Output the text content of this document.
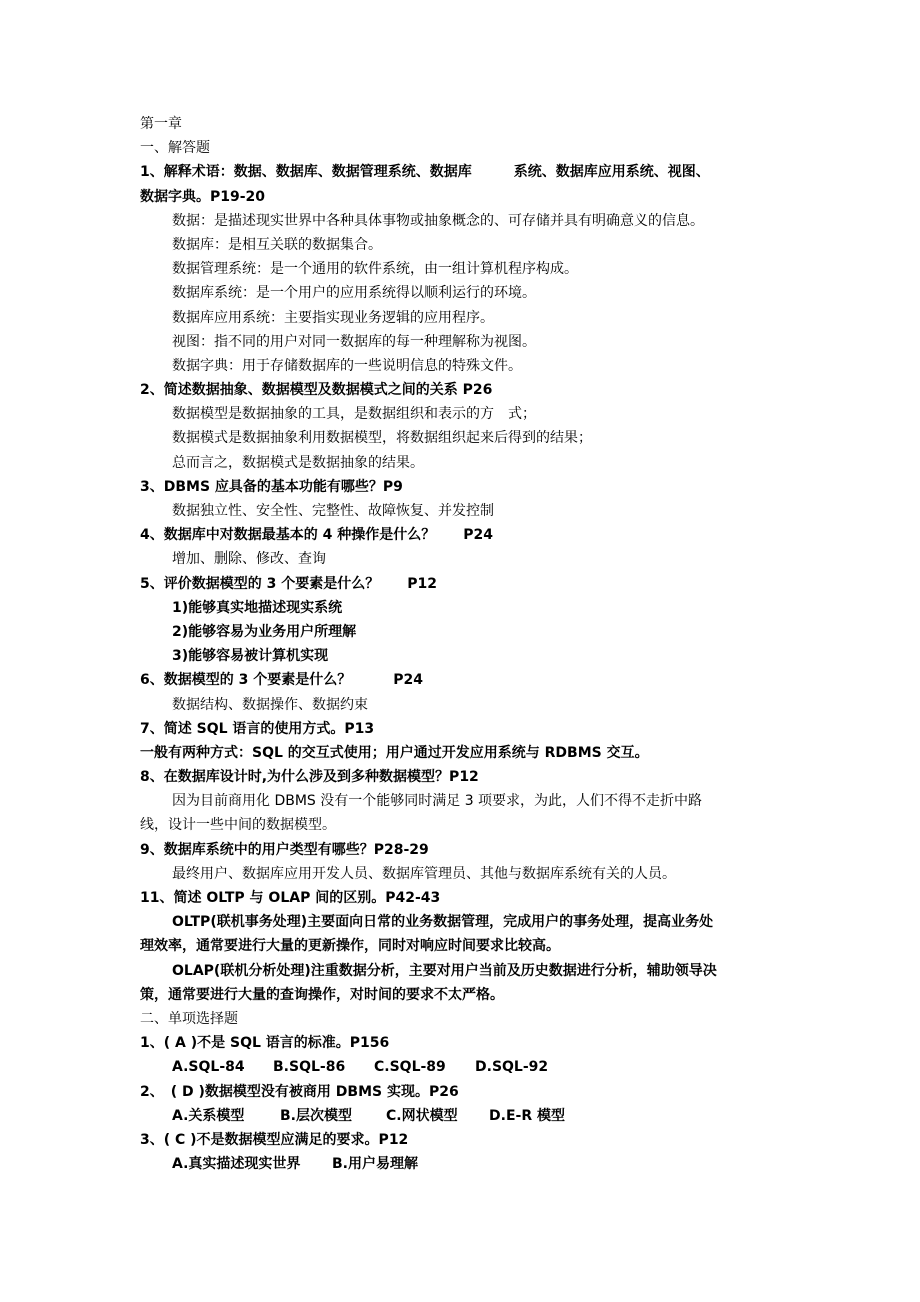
第一章
一、解答题
1、解释术语：数据、数据库、数据管理系统、数据库　　　系统、数据库应用系统、视图、
数据字典。P19-20
数据：是描述现实世界中各种具体事物或抽象概念的、可存储并具有明确意义的信息。
数据库：是相互关联的数据集合。
数据管理系统：是一个通用的软件系统，由一组计算机程序构成。
数据库系统：是一个用户的应用系统得以顺利运行的环境。
数据库应用系统：主要指实现业务逻辑的应用程序。
视图：指不同的用户对同一数据库的每一种理解称为视图。
数据字典：用于存储数据库的一些说明信息的特殊文件。
2、简述数据抽象、数据模型及数据模式之间的关系 P26
数据模型是数据抽象的工具，是数据组织和表示的方　式；
数据模式是数据抽象利用数据模型，将数据组织起来后得到的结果；
总而言之，数据模式是数据抽象的结果。
3、DBMS 应具备的基本功能有哪些？P9
数据独立性、安全性、完整性、故障恢复、并发控制
4、数据库中对数据最基本的 4 种操作是什么？　　P24
增加、删除、修改、查询
5、评价数据模型的 3 个要素是什么？　　P12
1)能够真实地描述现实系统
2)能够容易为业务用户所理解
3)能够容易被计算机实现
6、数据模型的 3 个要素是什么？　　　P24
数据结构、数据操作、数据约束
7、简述 SQL 语言的使用方式。P13
一般有两种方式：SQL 的交互式使用；用户通过开发应用系统与 RDBMS 交互。
8、在数据库设计时,为什么涉及到多种数据模型？P12
因为目前商用化 DBMS 没有一个能够同时满足 3 项要求，为此，人们不得不走折中路
线，设计一些中间的数据模型。
9、数据库系统中的用户类型有哪些？P28-29
最终用户、数据库应用开发人员、数据库管理员、其他与数据库系统有关的人员。
11、简述 OLTP 与 OLAP 间的区别。P42-43
OLTP(联机事务处理)主要面向日常的业务数据管理，完成用户的事务处理，提高业务处
理效率，通常要进行大量的更新操作，同时对响应时间要求比较高。
OLAP(联机分析处理)注重数据分析，主要对用户当前及历史数据进行分析，辅助领导决
策，通常要进行大量的查询操作，对时间的要求不太严格。
二、单项选择题
1、( A )不是 SQL 语言的标准。P156
A.SQL-84 B.SQL-86 C.SQL-89 D.SQL-92
2、　( D )数据模型没有被商用 DBMS 实现。P26
A.关系模型	B.层次模型 C.网状模型 D.E-R 模型
3、( C )不是数据模型应满足的要求。P12
A.真实描述现实世界 B.用户易理解
